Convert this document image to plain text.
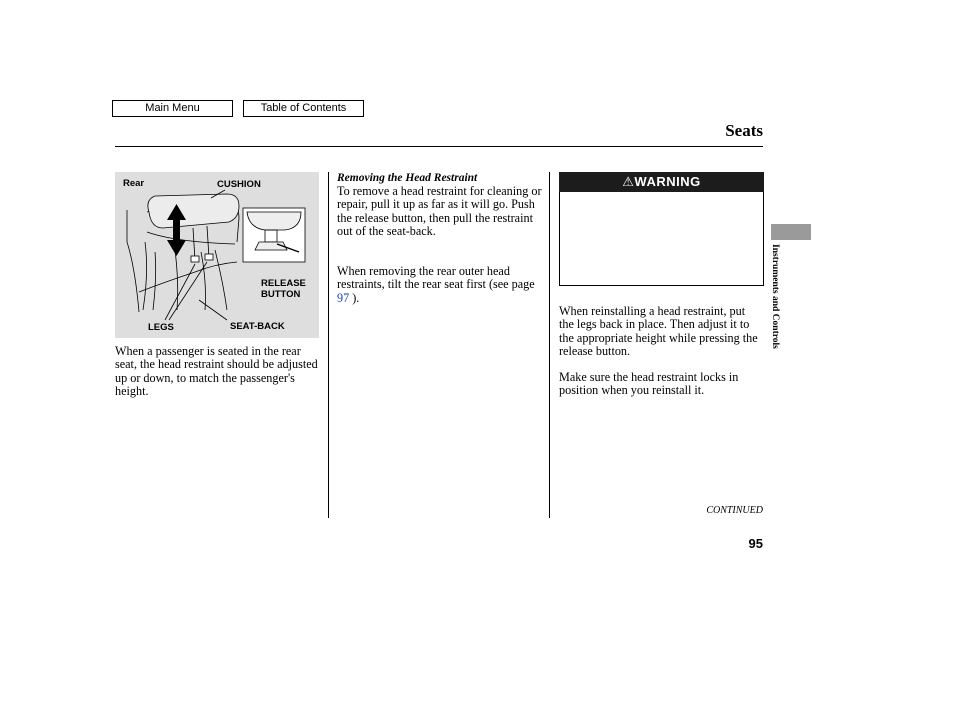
Main Menu	Table of Contents
Seats
Rear	CUSHION
RELEASE
BUTTON
LEGS	SEAT-BACK

When a passenger is seated in the rear seat, the head restraint should be adjusted up or down, to match the passenger's height.

Removing the Head Restraint

To remove a head restraint for cleaning or repair, pull it up as far as it will go. Push the release button, then pull the restraint out of the seat-back.

When removing the rear outer head restraints, tilt the rear seat first (see page 97 ).

⚠WARNING

When reinstalling a head restraint, put the legs back in place. Then adjust it to the appropriate height while pressing the release button.

Make sure the head restraint locks in position when you reinstall it.

CONTINUED
95
Instruments and Controls
